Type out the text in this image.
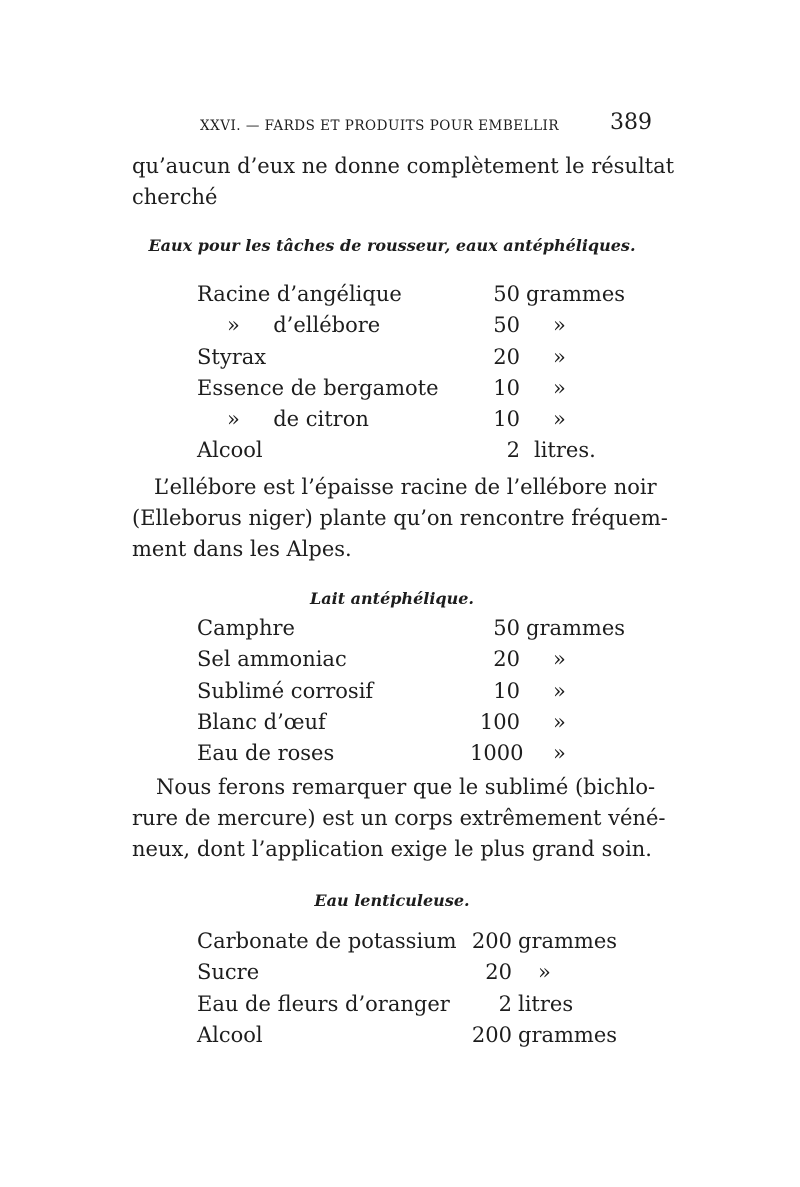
XXVI. — FARDS ET PRODUITS POUR EMBELLIR 389
qu’aucun d’eux ne donne complètement le résultat
cherché
Eaux pour les tâches de rousseur, eaux antéphéliques.
Racine d’angélique	50 grammes
»     d’ellébore	50 »
Styrax	20 »
Essence de bergamote	10 »
»     de citron	10 »
Alcool	2 litres.
L’ellébore est l’épaisse racine de l’ellébore noir
(Elleborus niger) plante qu’on rencontre fréquem-
ment dans les Alpes.
Lait antéphélique.
Camphre	50 grammes
Sel ammoniac	20 »
Sublimé corrosif	10 »
Blanc d’œuf	100 »
Eau de roses	1000 »
Nous ferons remarquer que le sublimé (bichlo-
rure de mercure) est un corps extrêmement véné-
neux, dont l’application exige le plus grand soin.
Eau lenticuleuse.
Carbonate de potassium 200 grammes
Sucre	20 »
Eau de fleurs d’oranger	2 litres
Alcool	200 grammes
